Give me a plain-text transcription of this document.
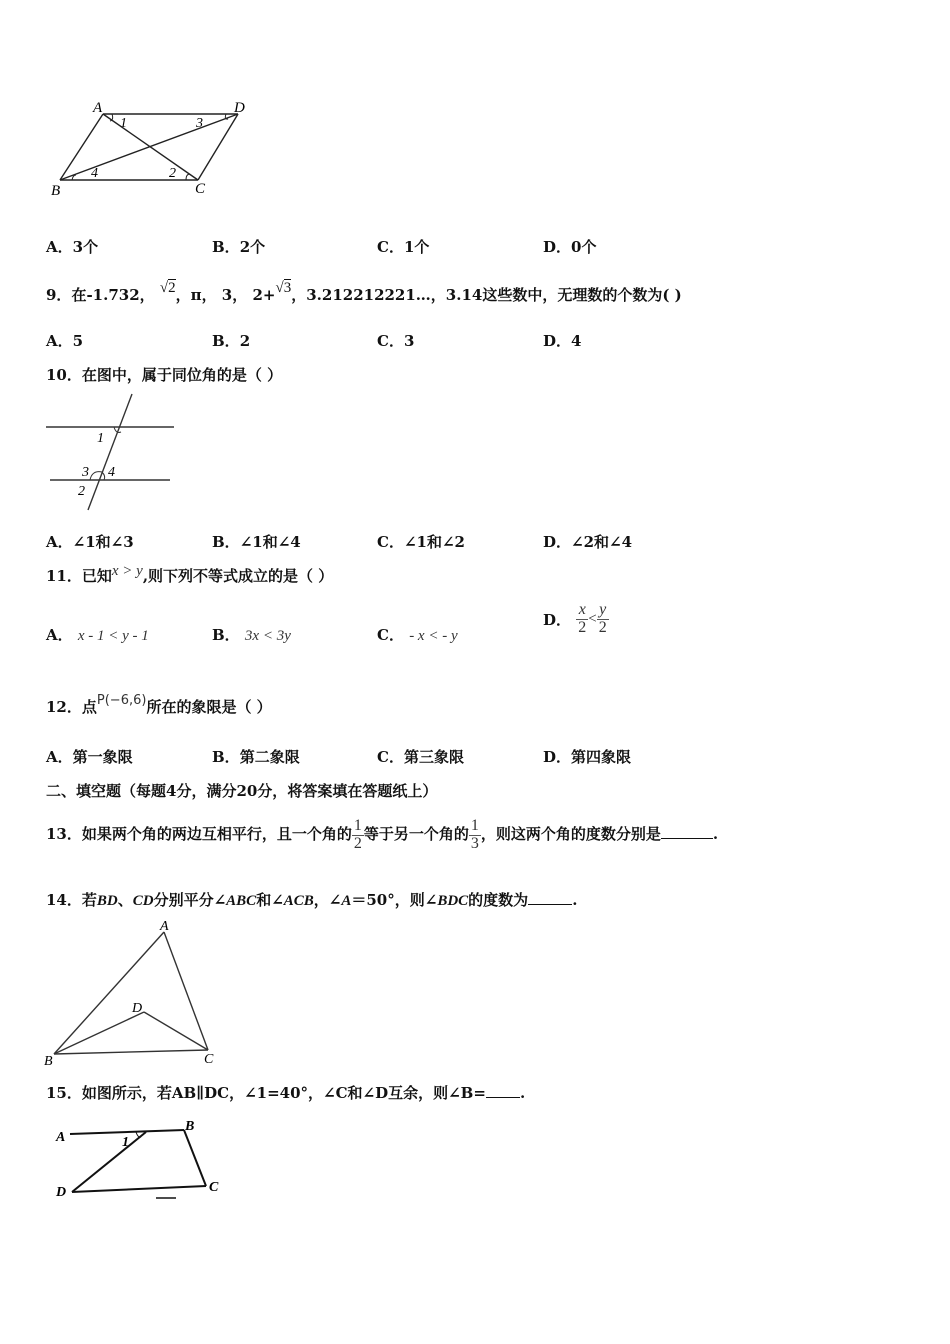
A	D
B	C
1	3
2
4
A．3个	B．2个	C．1个	D．0个
9．在-1.732， √2，π， 3， 2+√3，3.212212221…，3.14这些数中，无理数的个数为( )
A．5	B．2	C．3	D．4
10．在图中，属于同位角的是（ ）
1
3 4
2
A．∠1和∠3	B．∠1和∠4	C．∠1和∠2	D．∠2和∠4
11．已知x > y,则下列不等式成立的是（ ）
A． x - 1 < y - 1	B． 3x < 3y	C． - x < - y
D． $\frac{x}{2} < \frac{y}{2}$
12．点P(−6,6)所在的象限是（ ）
A．第一象限	B．第二象限	C．第三象限	D．第四象限
二、填空题（每题4分，满分20分，将答案填在答题纸上）
13．如果两个角的两边互相平行，且一个角的 $\frac{1}{2}$ 等于另一个角的 $\frac{1}{3}$ ，则这两个角的度数分别是	.
14．若BD、CD分别平分∠ABC和∠ACB，∠A＝50°，则∠BDC的度数为	.
A
D
B	C
15．如图所示，若AB∥DC，∠1=40°，∠C和∠D互余，则∠B= .
A
B
C
D
1
